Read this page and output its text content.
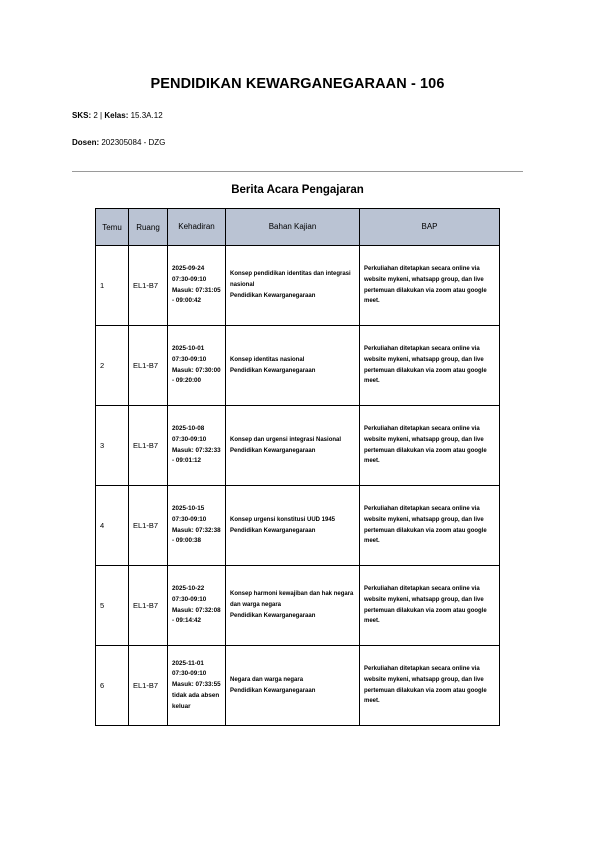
PENDIDIKAN KEWARGANEGARAAN - 106
SKS: 2 | Kelas: 15.3A.12
Dosen: 202305084 - DZG
Berita Acara Pengajaran
Temu	Ruang	Kehadiran	Bahan Kajian	BAP
1	EL1-B7	2025-09-24 07:30-09:10 Masuk: 07:31:05 - 09:00:42	Konsep pendidikan identitas dan integrasi nasional
Pendidikan Kewarganegaraan	Perkuliahan ditetapkan secara online via website mykeni, whatsapp group, dan live pertemuan dilakukan via zoom atau google meet.
2	EL1-B7	2025-10-01 07:30-09:10 Masuk: 07:30:00 - 09:20:00	Konsep identitas nasional
Pendidikan Kewarganegaraan	Perkuliahan ditetapkan secara online via website mykeni, whatsapp group, dan live pertemuan dilakukan via zoom atau google meet.
3	EL1-B7	2025-10-08 07:30-09:10 Masuk: 07:32:33 - 09:01:12	Konsep dan urgensi integrasi Nasional
Pendidikan Kewarganegaraan	Perkuliahan ditetapkan secara online via website mykeni, whatsapp group, dan live pertemuan dilakukan via zoom atau google meet.
4	EL1-B7	2025-10-15 07:30-09:10 Masuk: 07:32:38 - 09:00:38	Konsep urgensi konstitusi UUD 1945
Pendidikan Kewarganegaraan	Perkuliahan ditetapkan secara online via website mykeni, whatsapp group, dan live pertemuan dilakukan via zoom atau google meet.
5	EL1-B7	2025-10-22 07:30-09:10 Masuk: 07:32:08 - 09:14:42	Konsep harmoni kewajiban dan hak negara dan warga negara
Pendidikan Kewarganegaraan	Perkuliahan ditetapkan secara online via website mykeni, whatsapp group, dan live pertemuan dilakukan via zoom atau google meet.
6	EL1-B7	2025-11-01 07:30-09:10 Masuk: 07:33:55 tidak ada absen keluar	Negara dan warga negara
Pendidikan Kewarganegaraan	Perkuliahan ditetapkan secara online via website mykeni, whatsapp group, dan live pertemuan dilakukan via zoom atau google meet.
